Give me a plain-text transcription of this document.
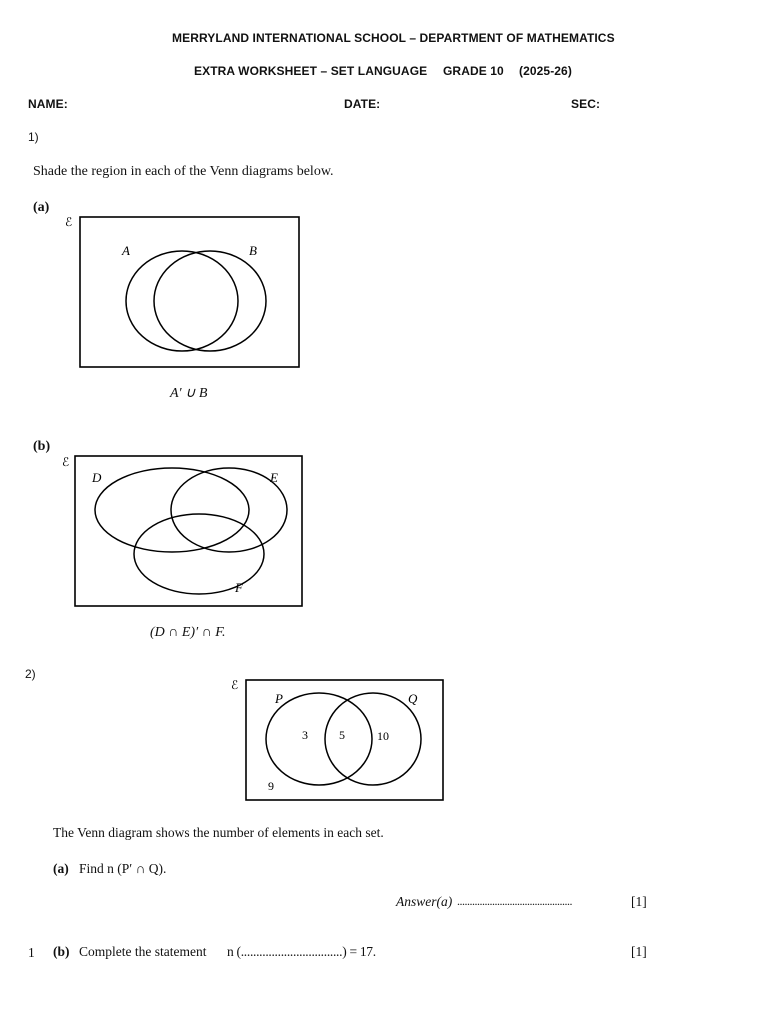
MERRYLAND INTERNATIONAL SCHOOL – DEPARTMENT OF MATHEMATICS
EXTRA WORKSHEET – SET LANGUAGE GRADE 10 (2025-26)
NAME:	DATE:	SEC:
1)
Shade the region in each of the Venn diagrams below.
(a)
ℰ
A	B
A′ ∪ B
(b)
ℰ
D	E
F
(D ∩ E)′ ∩ F.
2)
ℰ
P	Q
3	5	10
9
The Venn diagram shows the number of elements in each set.
(a) Find n (P′ ∩ Q).
Answer(a) ..............................................	[1]
1 (b) Complete the statement n (.................................) = 17.	[1]
